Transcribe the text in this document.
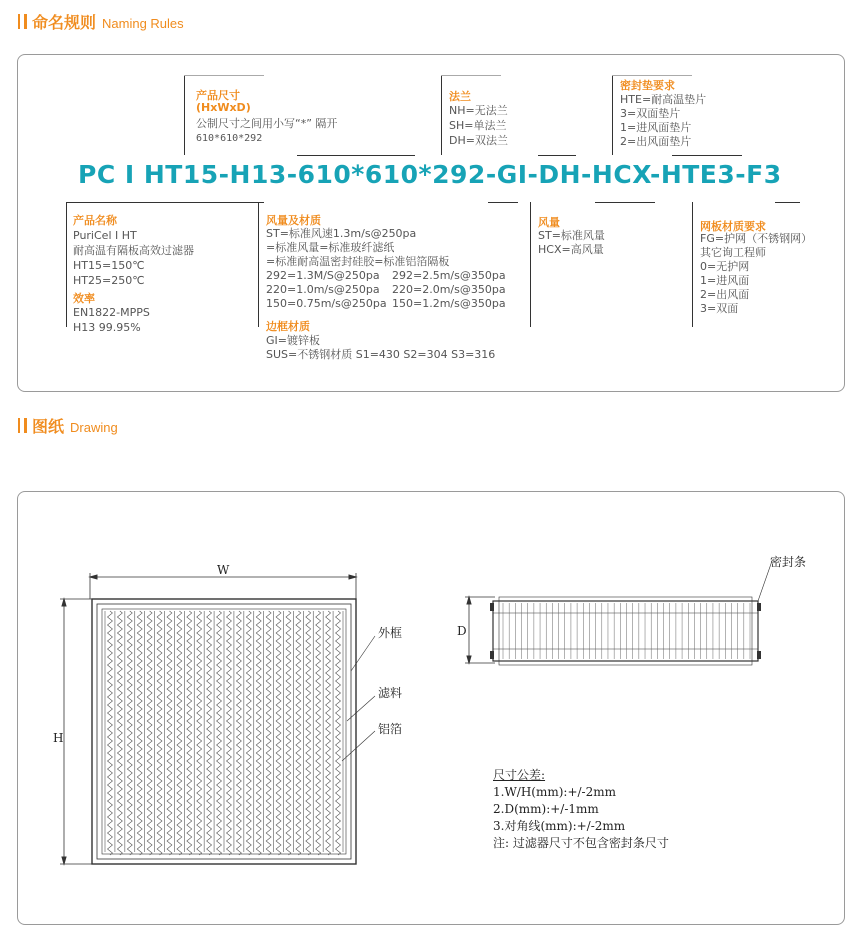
命名规则 Naming Rules
产品尺寸
(HxWxD)
公制尺寸之间用小写“*” 隔开
610*610*292
法兰
NH=无法兰
SH=单法兰
DH=双法兰
密封垫要求
HTE=耐高温垫片
3=双面垫片
1=进风面垫片
2=出风面垫片
PC I HT15-H13-610*610*292-GI-DH-HCX-HTE3-F3
产品名称
PuriCel I HT
耐高温有隔板高效过滤器
HT15=150℃
HT25=250℃
效率
EN1822-MPPS
H13 99.95%
风量及材质
ST=标准风速1.3m/s@250pa
=标准风量=标准玻纤滤纸
=标准耐高温密封硅胶=标准铝箔隔板
292=1.3M/S@250pa 292=2.5m/s@350pa
220=1.0m/s@250pa 220=2.0m/s@350pa
150=0.75m/s@250pa 150=1.2m/s@350pa
边框材质
GI=镀锌板
SUS=不锈钢材质 S1=430 S2=304 S3=316
风量
ST=标准风量
HCX=高风量
网板材质要求
FG=护网（不锈钢网）
其它询工程师
0=无护网
1=进风面
2=出风面
3=双面
图纸 Drawing
W
H
D
外框
滤料
铝箔
密封条
尺寸公差:
1.W/H(mm):+/-2mm
2.D(mm):+/-1mm
3.对角线(mm):+/-2mm
注: 过滤器尺寸不包含密封条尺寸
